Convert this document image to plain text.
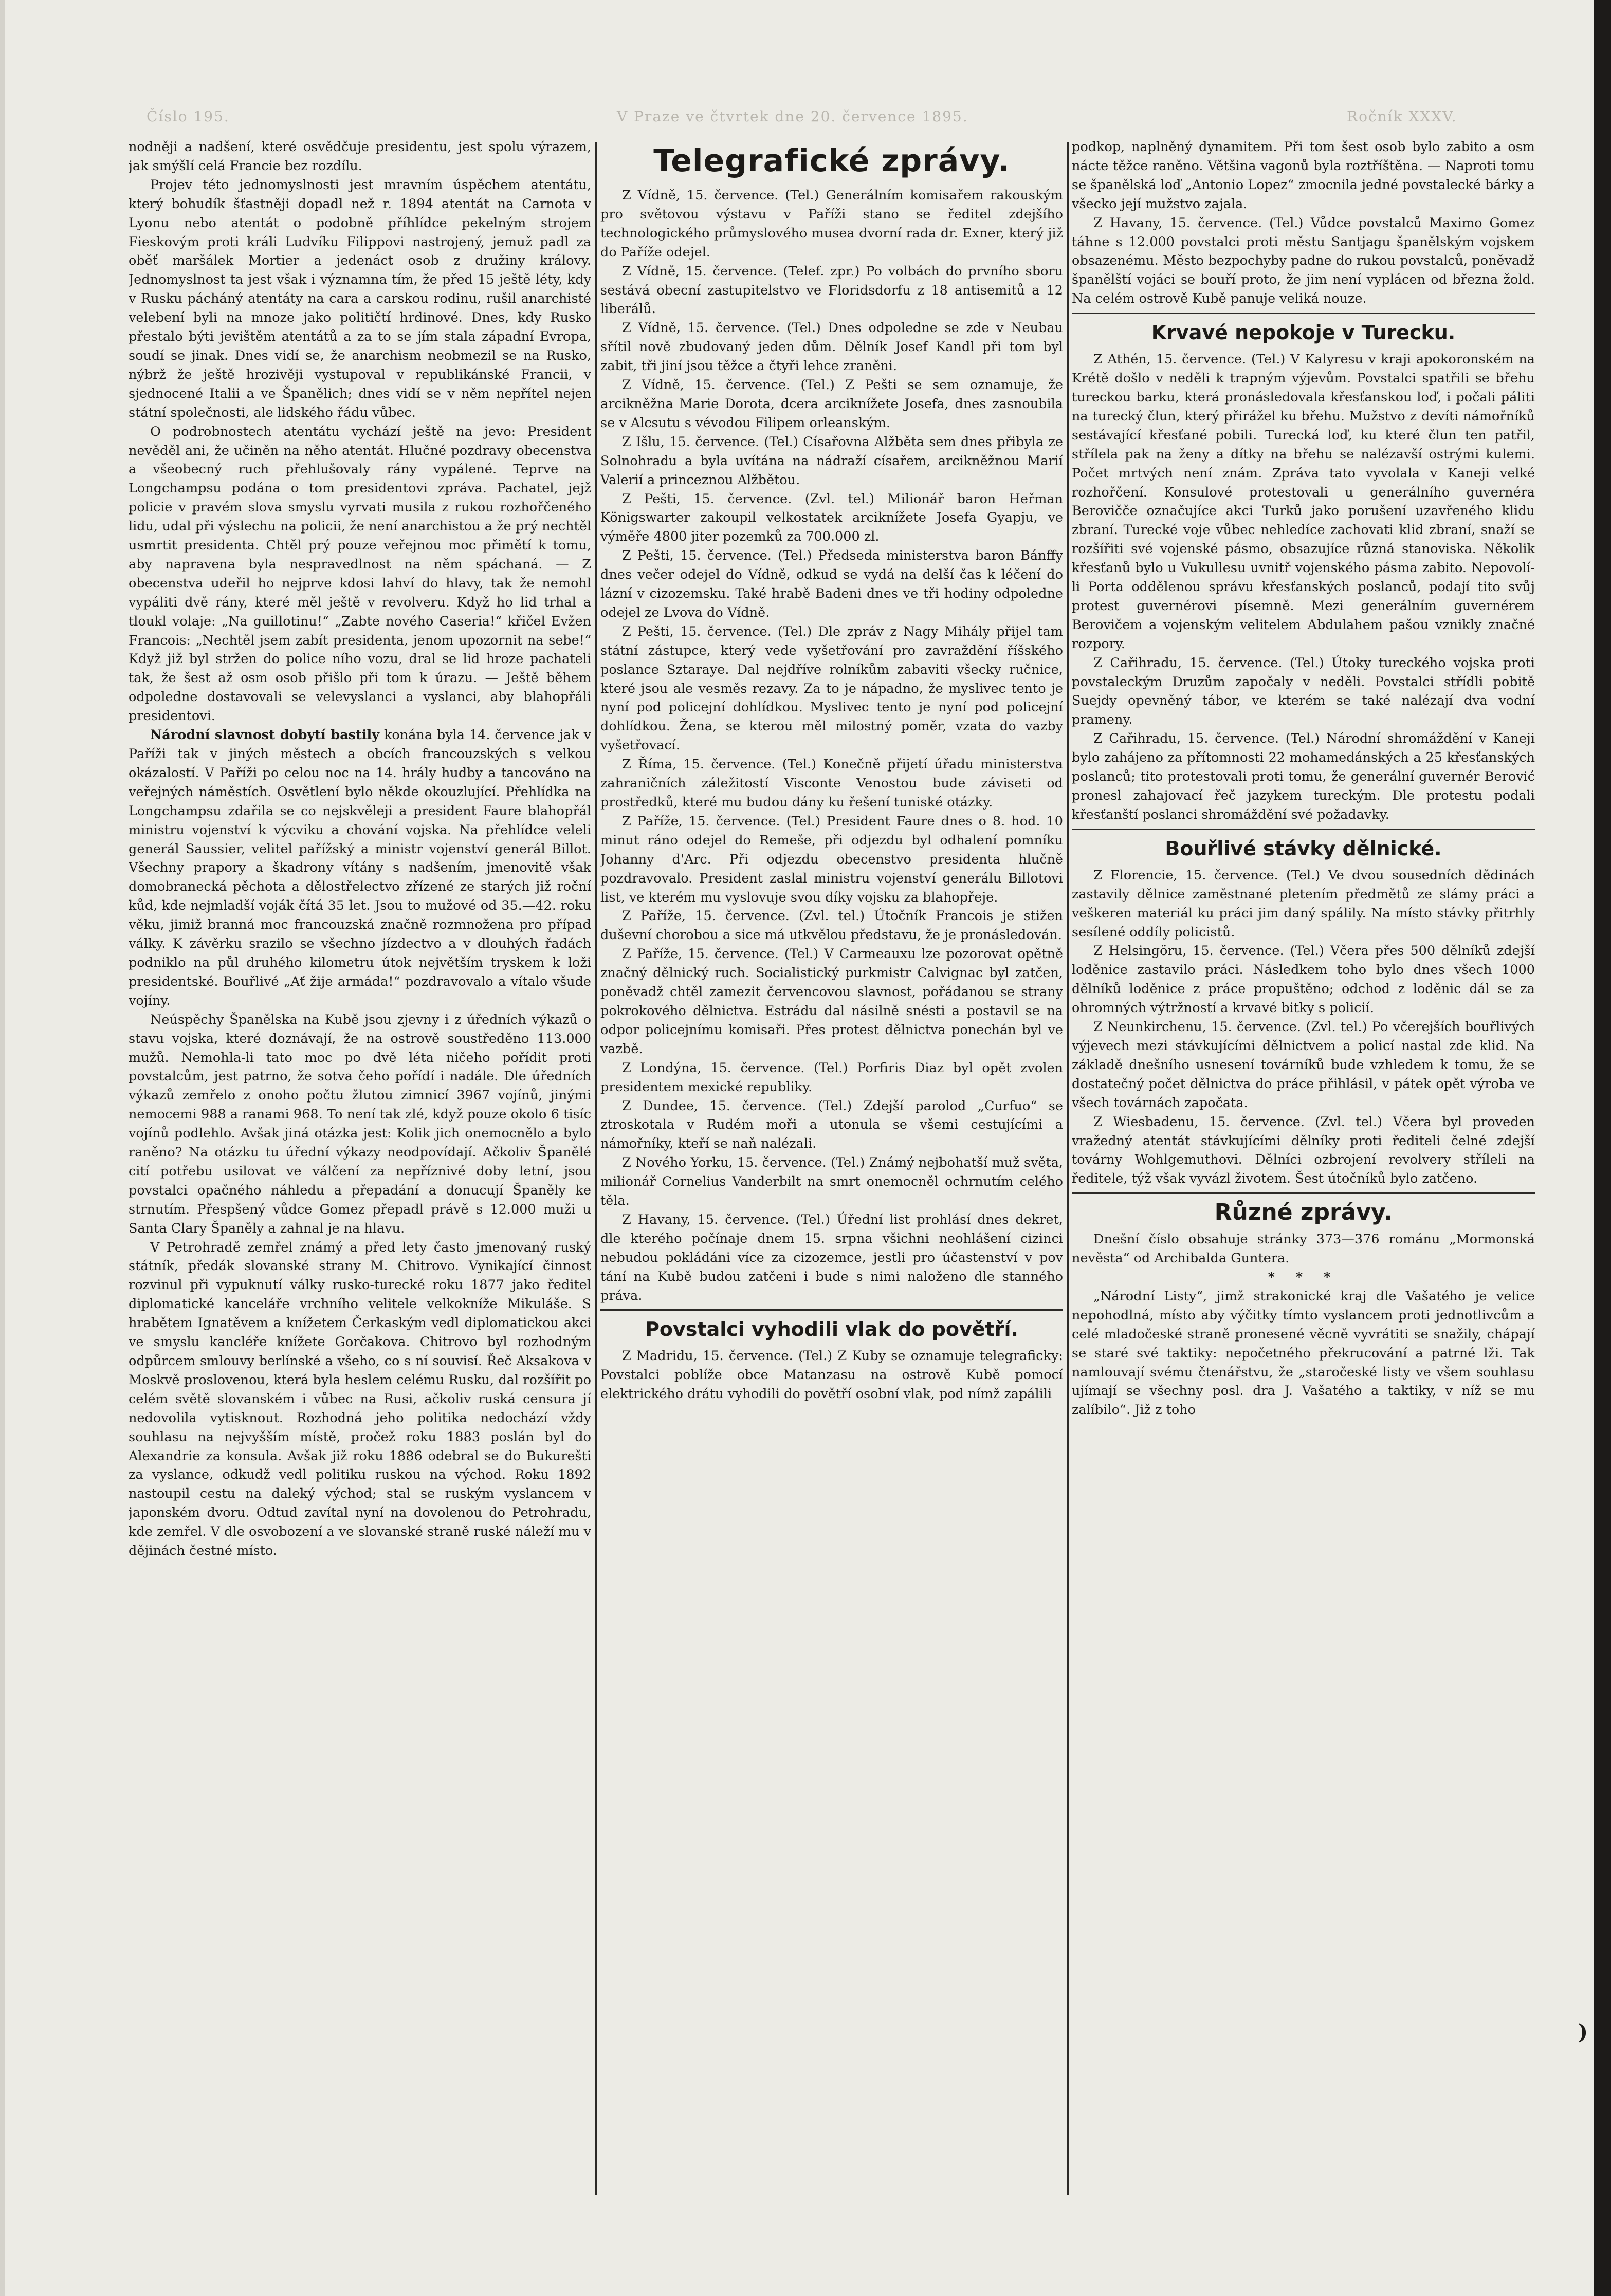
Číslo 195.	V Praze ve čtvrtek dne 20. července 1895.	Ročník XXXV.

nodněji a nadšení, které osvědčuje presidentu, jest spolu výrazem, jak smýšlí celá Francie bez rozdílu.

Projev této jednomyslnosti jest mravním úspěchem atentátu, který bohudík šťastněji dopadl než r. 1894 atentát na Carnota v Lyonu nebo atentát o podobně příhlídce pekelným strojem Fieskovým proti králi Ludvíku Filippovi nastrojený, jemuž padl za oběť maršálek Mortier a jedenáct osob z družiny královy. Jednomyslnost ta jest však i významna tím, že před 15 ještě léty, kdy v Rusku pácháný atentáty na cara a carskou rodinu, rušil anarchisté velebení byli na mnoze jako političtí hrdinové. Dnes, kdy Rusko přestalo býti jevištěm atentátů a za to se jím stala západní Evropa, soudí se jinak. Dnes vidí se, že anarchism neobmezil se na Rusko, nýbrž že ještě hrozivěji vystupoval v republikánské Francii, v sjednocené Italii a ve Španělich; dnes vidí se v něm nepřítel nejen státní společnosti, ale lidského řádu vůbec.

O podrobnostech atentátu vychází ještě na jevo: President nevěděl ani, že učiněn na něho atentát. Hlučné pozdravy obecenstva a všeobecný ruch přehlušovaly rány vypálené. Teprve na Longchampsu podána o tom presidentovi zpráva. Pachatel, jejž policie v pravém slova smyslu vyrvati musila z rukou rozhořčeného lidu, udal při výslechu na policii, že není anarchistou a že prý nechtěl usmrtit presidenta. Chtěl prý pouze veřejnou moc přimětí k tomu, aby napravena byla nespravedlnost na něm spáchaná. — Z obecenstva udeřil ho nejprve kdosi lahví do hlavy, tak že nemohl vypáliti dvě rány, které měl ještě v revolveru. Když ho lid trhal a tloukl volaje: „Na guillotinu!“ „Zabte nového Caseria!“ křičel Evžen Francois: „Nechtěl jsem zabít presidenta, jenom upozornit na sebe!“ Když již byl stržen do police ního vozu, dral se lid hroze pachateli tak, že šest až osm osob přišlo při tom k úrazu. — Ještě během odpoledne dostavovali se velevyslanci a vyslanci, aby blahopřáli presidentovi.

Národní slavnost dobytí bastily konána byla 14. července jak v Paříži tak v jiných městech a obcích francouzských s velkou okázalostí. V Paříži po celou noc na 14. hrály hudby a tancováno na veřejných náměstích. Osvětlení bylo někde okouzlující. Přehlídka na Longchampsu zdařila se co nejskvěleji a president Faure blahopřál ministru vojenství k výcviku a chování vojska. Na přehlídce veleli generál Saussier, velitel pařížský a ministr vojenství generál Billot. Všechny prapory a škadrony vítány s nadšením, jmenovitě však domobranecká pěchota a dělostřelectvo zřízené ze starých již roční kůd, kde nejmladší voják čítá 35 let. Jsou to mužové od 35.—42. roku věku, jimiž branná moc francouzská značně rozmnožena pro případ války. K závěrku srazilo se všechno jízdectvo a v dlouhých řadách podniklo na půl druhého kilometru útok největším tryskem k loži presidentské. Bouřlivé „Ať žije armáda!“ pozdravovalo a vítalo všude vojíny.

Neúspěchy Španělska na Kubě jsou zjevny i z úředních výkazů o stavu vojska, které doznávají, že na ostrově soustředěno 113.000 mužů. Nemohla-li tato moc po dvě léta ničeho pořídit proti povstalcům, jest patrno, že sotva čeho pořídí i nadále. Dle úředních výkazů zemřelo z onoho počtu žlutou zimnicí 3967 vojínů, jinými nemocemi 988 a ranami 968. To není tak zlé, když pouze okolo 6 tisíc vojínů podlehlo. Avšak jiná otázka jest: Kolik jich onemocnělo a bylo raněno? Na otázku tu úřední výkazy neodpovídají. Ačkoliv Španělé cití potřebu usilovat ve válčení za nepříznivé doby letní, jsou povstalci opačného náhledu a přepadání a donucují Španěly ke strnutím. Přespšený vůdce Gomez přepadl právě s 12.000 muži u Santa Clary Španěly a zahnal je na hlavu.

V Petrohradě zemřel známý a před lety často jmenovaný ruský státník, předák slovanské strany M. Chitrovo. Vynikající činnost rozvinul při vypuknutí války rusko-turecké roku 1877 jako ředitel diplomatické kanceláře vrchního velitele velkokníže Mikuláše. S hrabětem Ignatěvem a knížetem Čerkaským vedl diplomatickou akci ve smyslu kancléře knížete Gorčakova. Chitrovo byl rozhodným odpůrcem smlouvy berlínské a všeho, co s ní souvisí. Řeč Aksakova v Moskvě proslovenou, která byla heslem celému Rusku, dal rozšířit po celém světě slovanském i vůbec na Rusi, ačkoliv ruská censura jí nedovolila vytisknout. Rozhodná jeho politika nedochází vždy souhlasu na nejvyšším místě, pročež roku 1883 poslán byl do Alexandrie za konsula. Avšak již roku 1886 odebral se do Bukurešti za vyslance, odkudž vedl politiku ruskou na východ. Roku 1892 nastoupil cestu na daleký východ; stal se ruským vyslancem v japonském dvoru. Odtud zavítal nyní na dovolenou do Petrohradu, kde zemřel. V dle osvobození a ve slovanské straně ruské náleží mu v dějinách čestné místo.

Telegrafické zprávy.

Z Vídně, 15. července. (Tel.) Generálním komisařem rakouským pro světovou výstavu v Paříži stano se ředitel zdejšího technologického průmyslového musea dvorní rada dr. Exner, který již do Paříže odejel.

Z Vídně, 15. července. (Telef. zpr.) Po volbách do prvního sboru sestává obecní zastupitelstvo ve Floridsdorfu z 18 antisemitů a 12 liberálů.

Z Vídně, 15. července. (Tel.) Dnes odpoledne se zde v Neubau sřítil nově zbudovaný jeden dům. Dělník Josef Kandl při tom byl zabit, tři jiní jsou těžce a čtyři lehce zraněni.

Z Vídně, 15. července. (Tel.) Z Pešti se sem oznamuje, že arcikněžna Marie Dorota, dcera arciknížete Josefa, dnes zasnoubila se v Alcsutu s vévodou Filipem orleanským.

Z Išlu, 15. července. (Tel.) Císařovna Alžběta sem dnes přibyla ze Solnohradu a byla uvítána na nádraží císařem, arcikněžnou Marií Valerií a princeznou Alžbětou.

Z Pešti, 15. července. (Zvl. tel.) Milionář baron Heřman Königswarter zakoupil velkostatek arciknížete Josefa Gyapju, ve výměře 4800 jiter pozemků za 700.000 zl.

Z Pešti, 15. července. (Tel.) Předseda ministerstva baron Bánffy dnes večer odejel do Vídně, odkud se vydá na delší čas k léčení do lázní v cizozemsku. Také hrabě Badeni dnes ve tři hodiny odpoledne odejel ze Lvova do Vídně.

Z Pešti, 15. července. (Tel.) Dle zpráv z Nagy Mihály přijel tam státní zástupce, který vede vyšetřování pro zavraždění říšského poslance Sztaraye. Dal nejdříve rolníkům zabaviti všecky ručnice, které jsou ale vesměs rezavy. Za to je nápadno, že myslivec tento je nyní pod policejní dohlídkou. Myslivec tento je nyní pod policejní dohlídkou. Žena, se kterou měl milostný poměr, vzata do vazby vyšetřovací.

Z Říma, 15. července. (Tel.) Konečně přijetí úřadu ministerstva zahraničních záležitostí Visconte Venostou bude záviseti od prostředků, které mu budou dány ku řešení tuniské otázky.

Z Paříže, 15. července. (Tel.) President Faure dnes o 8. hod. 10 minut ráno odejel do Remeše, při odjezdu byl odhalení pomníku Johanny d'Arc. Při odjezdu obecenstvo presidenta hlučně pozdravovalo. President zaslal ministru vojenství generálu Billotovi list, ve kterém mu vyslovuje svou díky vojsku za blahopřeje.

Z Paříže, 15. července. (Zvl. tel.) Útočník Francois je stižen duševní chorobou a sice má utkvělou představu, že je pronásledován.

Z Paříže, 15. července. (Tel.) V Carmeauxu lze pozorovat opětně značný dělnický ruch. Socialistický purkmistr Calvignac byl zatčen, poněvadž chtěl zamezit červencovou slavnost, pořádanou se strany pokrokového dělnictva. Estrádu dal násilně snésti a postavil se na odpor policejnímu komisaři. Přes protest dělnictva ponechán byl ve vazbě.

Z Londýna, 15. července. (Tel.) Porfiris Diaz byl opět zvolen presidentem mexické republiky.

Z Dundee, 15. července. (Tel.) Zdejší parolod „Curfuo“ se ztroskotala v Rudém moři a utonula se všemi cestujícími a námořníky, kteří se naň nalézali.

Z Nového Yorku, 15. července. (Tel.) Známý nejbohatší muž světa, milionář Cornelius Vanderbilt na smrt onemocněl ochrnutím celého těla.

Z Havany, 15. července. (Tel.) Úřední list prohlásí dnes dekret, dle kterého počínaje dnem 15. srpna všichni neohlášení cizinci nebudou pokládáni více za cizozemce, jestli pro účastenství v pov tání na Kubě budou zatčeni i bude s nimi naloženo dle stanného práva.

Povstalci vyhodili vlak do povětří.

Z Madridu, 15. července. (Tel.) Z Kuby se oznamuje telegraficky: Povstalci poblíže obce Matanzasu na ostrově Kubě pomocí elektrického drátu vyhodili do povětří osobní vlak, pod nímž zapálili

podkop, naplněný dynamitem. Při tom šest osob bylo zabito a osm nácte těžce raněno. Většina vagonů byla roztříštěna. — Naproti tomu se španělská loď „Antonio Lopez“ zmocnila jedné povstalecké bárky a všecko její mužstvo zajala.

Z Havany, 15. července. (Tel.) Vůdce povstalců Maximo Gomez táhne s 12.000 povstalci proti městu Santjagu španělským vojskem obsazenému. Město bezpochyby padne do rukou povstalců, poněvadž španělští vojáci se bouří proto, že jim není vyplácen od března žold. Na celém ostrově Kubě panuje veliká nouze.

Krvavé nepokoje v Turecku.

Z Athén, 15. července. (Tel.) V Kalyresu v kraji apokoronském na Krétě došlo v neděli k trapným výjevům. Povstalci spatřili se břehu tureckou barku, která pronásledovala křesťanskou loď, i počali páliti na turecký člun, který přirážel ku břehu. Mužstvo z devíti námořníků sestávající křesťané pobili. Turecká loď, ku které člun ten patřil, střílela pak na ženy a dítky na břehu se nalézavší ostrými kulemi. Počet mrtvých není znám. Zpráva tato vyvolala v Kaneji velké rozhořčení. Konsulové protestovali u generálního guvernéra Berovičče označujíce akci Turků jako porušení uzavřeného klidu zbraní. Turecké voje vůbec nehledíce zachovati klid zbraní, snaží se rozšířiti své vojenské pásmo, obsazujíce různá stanoviska. Několik křesťanů bylo u Vukullesu uvnitř vojenského pásma zabito. Nepovolí-li Porta oddělenou správu křesťanských poslanců, podají tito svůj protest guvernérovi písemně. Mezi generálním guvernérem Berovičem a vojenským velitelem Abdulahem pašou vznikly značné rozpory.

Z Cařihradu, 15. července. (Tel.) Útoky tureckého vojska proti povstaleckým Druzům započaly v neděli. Povstalci střídli pobitě Suejdy opevněný tábor, ve kterém se také nalézají dva vodní prameny.

Z Cařihradu, 15. července. (Tel.) Národní shromáždění v Kaneji bylo zahájeno za přítomnosti 22 mohamedánských a 25 křesťanských poslanců; tito protestovali proti tomu, že generální guvernér Berović pronesl zahajovací řeč jazykem tureckým. Dle protestu podali křesťanští poslanci shromáždění své požadavky.

Bouřlivé stávky dělnické.

Z Florencie, 15. července. (Tel.) Ve dvou sousedních dědinách zastavily dělnice zaměstnané pletením předmětů ze slámy práci a veškeren materiál ku práci jim daný spálily. Na místo stávky přitrhly sesílené oddíly policistů.

Z Helsingöru, 15. července. (Tel.) Včera přes 500 dělníků zdejší loděnice zastavilo práci. Následkem toho bylo dnes všech 1000 dělníků loděnice z práce propuštěno; odchod z loděnic dál se za ohromných výtržností a krvavé bitky s policií.

Z Neunkirchenu, 15. července. (Zvl. tel.) Po včerejších bouřlivých výjevech mezi stávkujícími dělnictvem a policí nastal zde klid. Na základě dnešního usnesení továrníků bude vzhledem k tomu, že se dostatečný počet dělnictva do práce přihlásil, v pátek opět výroba ve všech továrnách započata.

Z Wiesbadenu, 15. července. (Zvl. tel.) Včera byl proveden vražedný atentát stávkujícími dělníky proti řediteli čelné zdejší továrny Wohlgemuthovi. Dělníci ozbrojení revolvery stříleli na ředitele, týž však vyvázl životem. Šest útočníků bylo zatčeno.

Různé zprávy.

Dnešní číslo obsahuje stránky 373—376 románu „Mormonská nevěsta“ od Archibalda Guntera.

* * *

„Národní Listy“, jimž strakonické kraj dle Vašatého je velice nepohodlná, místo aby výčitky tímto vyslancem proti jednotlivcům a celé mladočeské straně pronesené věcně vyvrátiti se snažily, chápají se staré své taktiky: nepočetného překrucování a patrné lži. Tak namlouvají svému čtenářstvu, že „staročeské listy ve všem souhlasu ujímají se všechny posl. dra J. Vašatého a taktiky, v níž se mu zalíbilo“. Již z toho

)
